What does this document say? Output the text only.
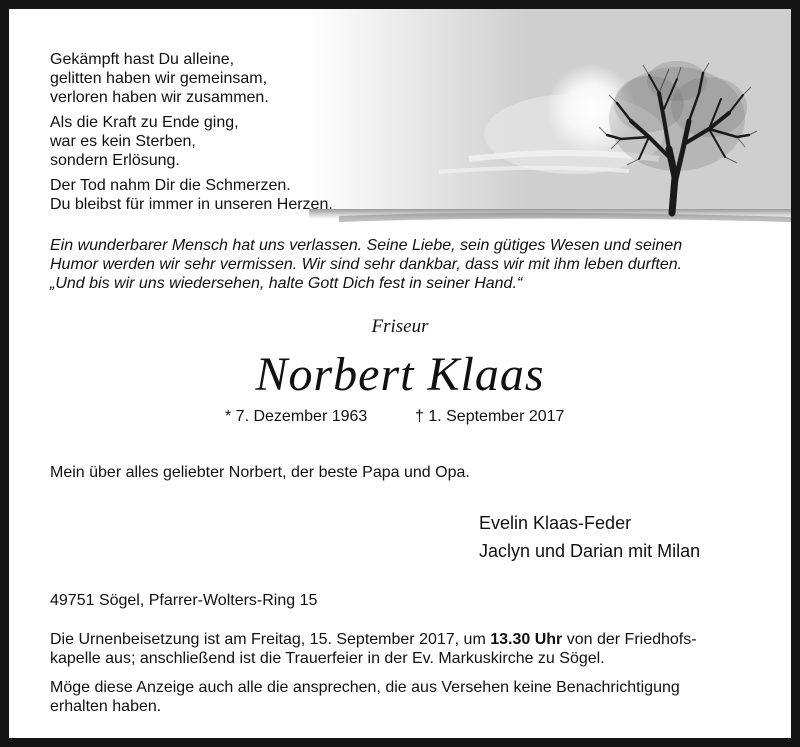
Gekämpft hast Du alleine,
gelitten haben wir gemeinsam,
verloren haben wir zusammen.
Als die Kraft zu Ende ging,
war es kein Sterben,
sondern Erlösung.
Der Tod nahm Dir die Schmerzen.
Du bleibst für immer in unseren Herzen.
Ein wunderbarer Mensch hat uns verlassen. Seine Liebe, sein gütiges Wesen und seinen
Humor werden wir sehr vermissen. Wir sind sehr dankbar, dass wir mit ihm leben durften.
„Und bis wir uns wiedersehen, halte Gott Dich fest in seiner Hand.“
Friseur
Norbert Klaas
* 7. Dezember 1963	† 1. September 2017
Mein über alles geliebter Norbert, der beste Papa und Opa.
Evelin Klaas-Feder
Jaclyn und Darian mit Milan
49751 Sögel, Pfarrer-Wolters-Ring 15
Die Urnenbeisetzung ist am Freitag, 15. September 2017, um 13.30 Uhr von der Friedhofs-
kapelle aus; anschließend ist die Trauerfeier in der Ev. Markuskirche zu Sögel.
Möge diese Anzeige auch alle die ansprechen, die aus Versehen keine Benachrichtigung
erhalten haben.
